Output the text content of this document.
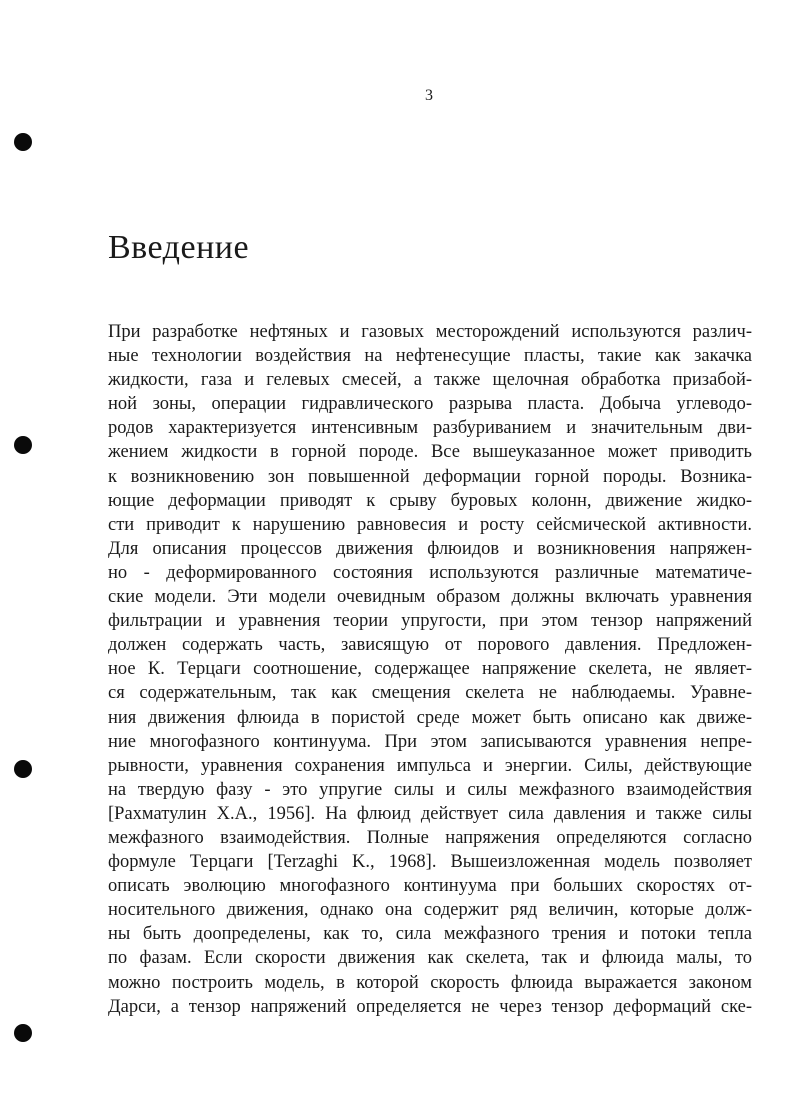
3
Введение
При разработке нефтяных и газовых месторождений используются различ-
ные технологии воздействия на нефтенесущие пласты, такие как закачка
жидкости, газа и гелевых смесей, а также щелочная обработка призабой-
ной зоны, операции гидравлического разрыва пласта. Добыча углеводо-
родов характеризуется интенсивным разбуриванием и значительным дви-
жением жидкости в горной породе. Все вышеуказанное может приводить
к возникновению зон повышенной деформации горной породы. Возника-
ющие деформации приводят к срыву буровых колонн, движение жидко-
сти приводит к нарушению равновесия и росту сейсмической активности.
Для описания процессов движения флюидов и возникновения напряжен-
но - деформированного состояния используются различные математиче-
ские модели. Эти модели очевидным образом должны включать уравнения
фильтрации и уравнения теории упругости, при этом тензор напряжений
должен содержать часть, зависящую от порового давления. Предложен-
ное К. Терцаги соотношение, содержащее напряжение скелета, не являет-
ся содержательным, так как смещения скелета не наблюдаемы. Уравне-
ния движения флюида в пористой среде может быть описано как движе-
ние многофазного континуума. При этом записываются уравнения непре-
рывности, уравнения сохранения импульса и энергии. Силы, действующие
на твердую фазу - это упругие силы и силы межфазного взаимодействия
[Рахматулин Х.А., 1956]. На флюид действует сила давления и также силы
межфазного взаимодействия. Полные напряжения определяются согласно
формуле Терцаги [Terzaghi K., 1968]. Вышеизложенная модель позволяет
описать эволюцию многофазного континуума при больших скоростях от-
носительного движения, однако она содержит ряд величин, которые долж-
ны быть доопределены, как то, сила межфазного трения и потоки тепла
по фазам. Если скорости движения как скелета, так и флюида малы, то
можно построить модель, в которой скорость флюида выражается законом
Дарси, а тензор напряжений определяется не через тензор деформаций ске-
